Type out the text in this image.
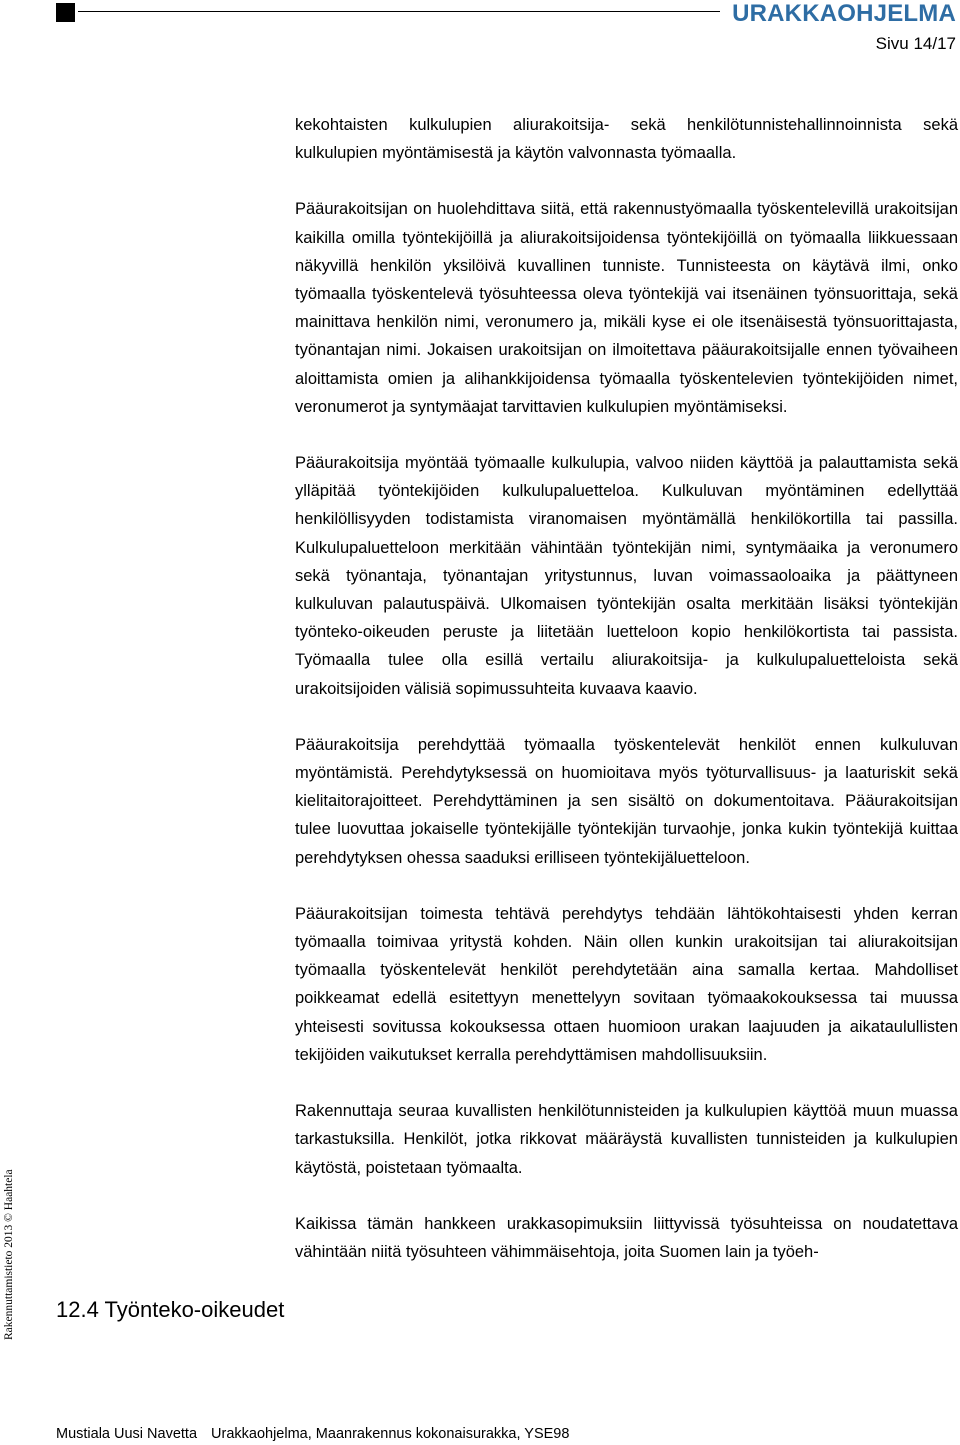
URAKKAOHJELMA
Sivu 14/17

kekohtaisten kulkulupien aliurakoitsija- sekä henkilötunnistehallinnoinnista sekä kulkulupien myöntämisestä ja käytön valvonnasta työmaalla.

Pääurakoitsijan on huolehdittava siitä, että rakennustyömaalla työskentelevillä urakoitsijan kaikilla omilla työntekijöillä ja aliurakoitsijoidensa työntekijöillä on työmaalla liikkuessaan näkyvillä henkilön yksilöivä kuvallinen tunniste. Tunnisteesta on käytävä ilmi, onko työmaalla työskentelevä työsuhteessa oleva työntekijä vai itsenäinen työnsuorittaja, sekä mainittava henkilön nimi, veronumero ja, mikäli kyse ei ole itsenäisestä työnsuorittajasta, työnantajan nimi. Jokaisen urakoitsijan on ilmoitettava pääurakoitsijalle ennen työvaiheen aloittamista omien ja alihankkijoidensa työmaalla työskentelevien työntekijöiden nimet, veronumerot ja syntymäajat tarvittavien kulkulupien myöntämiseksi.

Pääurakoitsija myöntää työmaalle kulkulupia, valvoo niiden käyttöä ja palauttamista sekä ylläpitää työntekijöiden kulkulupaluetteloa. Kulkuluvan myöntäminen edellyttää henkilöllisyyden todistamista viranomaisen myöntämällä henkilökortilla tai passilla. Kulkulupaluetteloon merkitään vähintään työntekijän nimi, syntymäaika ja veronumero sekä työnantaja, työnantajan yritystunnus, luvan voimassaoloaika ja päättyneen kulkuluvan palautuspäivä. Ulkomaisen työntekijän osalta merkitään lisäksi työntekijän työnteko-oikeuden peruste ja liitetään luetteloon kopio henkilökortista tai passista. Työmaalla tulee olla esillä vertailu aliurakoitsija- ja kulkulupaluetteloista sekä urakoitsijoiden välisiä sopimussuhteita kuvaava kaavio.

Pääurakoitsija perehdyttää työmaalla työskentelevät henkilöt ennen kulkuluvan myöntämistä. Perehdytyksessä on huomioitava myös työturvallisuus- ja laaturiskit sekä kielitaitorajoitteet. Perehdyttäminen ja sen sisältö on dokumentoitava. Pääurakoitsijan tulee luovuttaa jokaiselle työntekijälle työntekijän turvaohje, jonka kukin työntekijä kuittaa perehdytyksen ohessa saaduksi erilliseen työntekijäluetteloon.

Pääurakoitsijan toimesta tehtävä perehdytys tehdään lähtökohtaisesti yhden kerran työmaalla toimivaa yritystä kohden. Näin ollen kunkin urakoitsijan tai aliurakoitsijan työmaalla työskentelevät henkilöt perehdytetään aina samalla kertaa. Mahdolliset poikkeamat edellä esitettyyn menettelyyn sovitaan työmaakokouksessa tai muussa yhteisesti sovitussa kokouksessa ottaen huomioon urakan laajuuden ja aikataulullisten tekijöiden vaikutukset kerralla perehdyttämisen mahdollisuuksiin.

Rakennuttaja seuraa kuvallisten henkilötunnisteiden ja kulkulupien käyttöä muun muassa tarkastuksilla. Henkilöt, jotka rikkovat määräystä kuvallisten tunnisteiden ja kulkulupien käytöstä, poistetaan työmaalta.

Kaikissa tämän hankkeen urakkasopimuksiin liittyvissä työsuhteissa on noudatettava vähintään niitä työsuhteen vähimmäisehtoja, joita Suomen lain ja työeh-

12.4 Työnteko-oikeudet
Rakennuttamistieto 2013 © Haahtela
Mustiala Uusi Navetta Urakkaohjelma, Maanrakennus kokonaisurakka, YSE98
